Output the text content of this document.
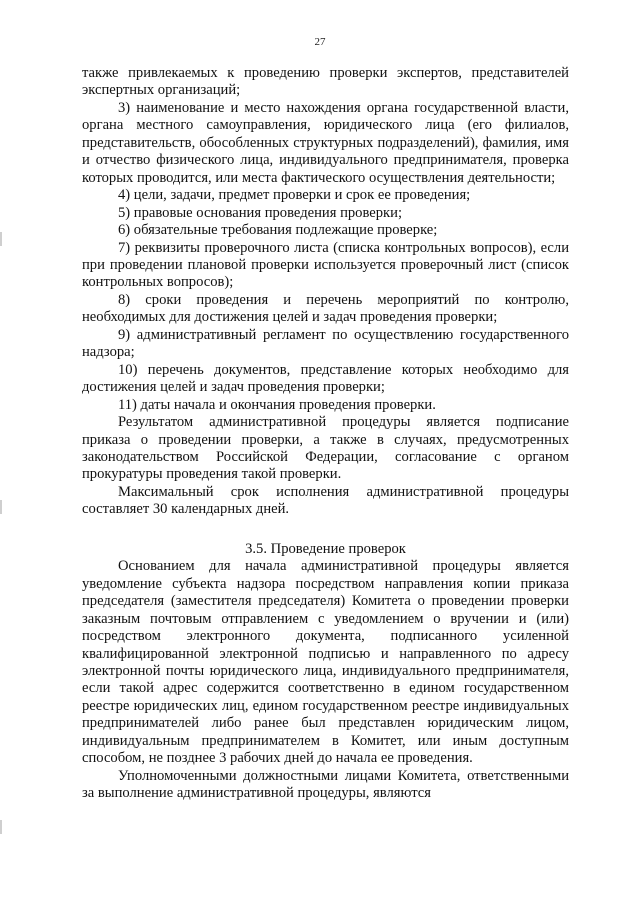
27

также привлекаемых к проведению проверки экспертов, представителей экспертных организаций;

3) наименование и место нахождения органа государственной власти, органа местного самоуправления, юридического лица (его филиалов, представительств, обособленных структурных подразделений), фамилия, имя и отчество физического лица, индивидуального предпринимателя, проверка которых проводится, или места фактического осуществления деятельности;

4) цели, задачи, предмет проверки и срок ее проведения;

5) правовые основания проведения проверки;

6) обязательные требования подлежащие проверке;

7) реквизиты проверочного листа (списка контрольных вопросов), если при проведении плановой проверки используется проверочный лист (список контрольных вопросов);

8) сроки проведения и перечень мероприятий по контролю, необходимых для достижения целей и задач проведения проверки;

9) административный регламент по осуществлению государственного надзора;

10) перечень документов, представление которых необходимо для достижения целей и задач проведения проверки;

11) даты начала и окончания проведения проверки.

Результатом административной процедуры является подписание приказа о проведении проверки, а также в случаях, предусмотренных законодательством Российской Федерации, согласование с органом прокуратуры проведения такой проверки.

Максимальный срок исполнения административной процедуры составляет 30 календарных дней.

3.5. Проведение проверок

Основанием для начала административной процедуры является уведомление субъекта надзора посредством направления копии приказа председателя (заместителя председателя) Комитета о проведении проверки заказным почтовым отправлением с уведомлением о вручении и (или) посредством электронного документа, подписанного усиленной квалифицированной электронной подписью и направленного по адресу электронной почты юридического лица, индивидуального предпринимателя, если такой адрес содержится соответственно в едином государственном реестре юридических лиц, едином государственном реестре индивидуальных предпринимателей либо ранее был представлен юридическим лицом, индивидуальным предпринимателем в Комитет, или иным доступным способом, не позднее 3 рабочих дней до начала ее проведения.

Уполномоченными должностными лицами Комитета, ответственными за выполнение административной процедуры, являются
